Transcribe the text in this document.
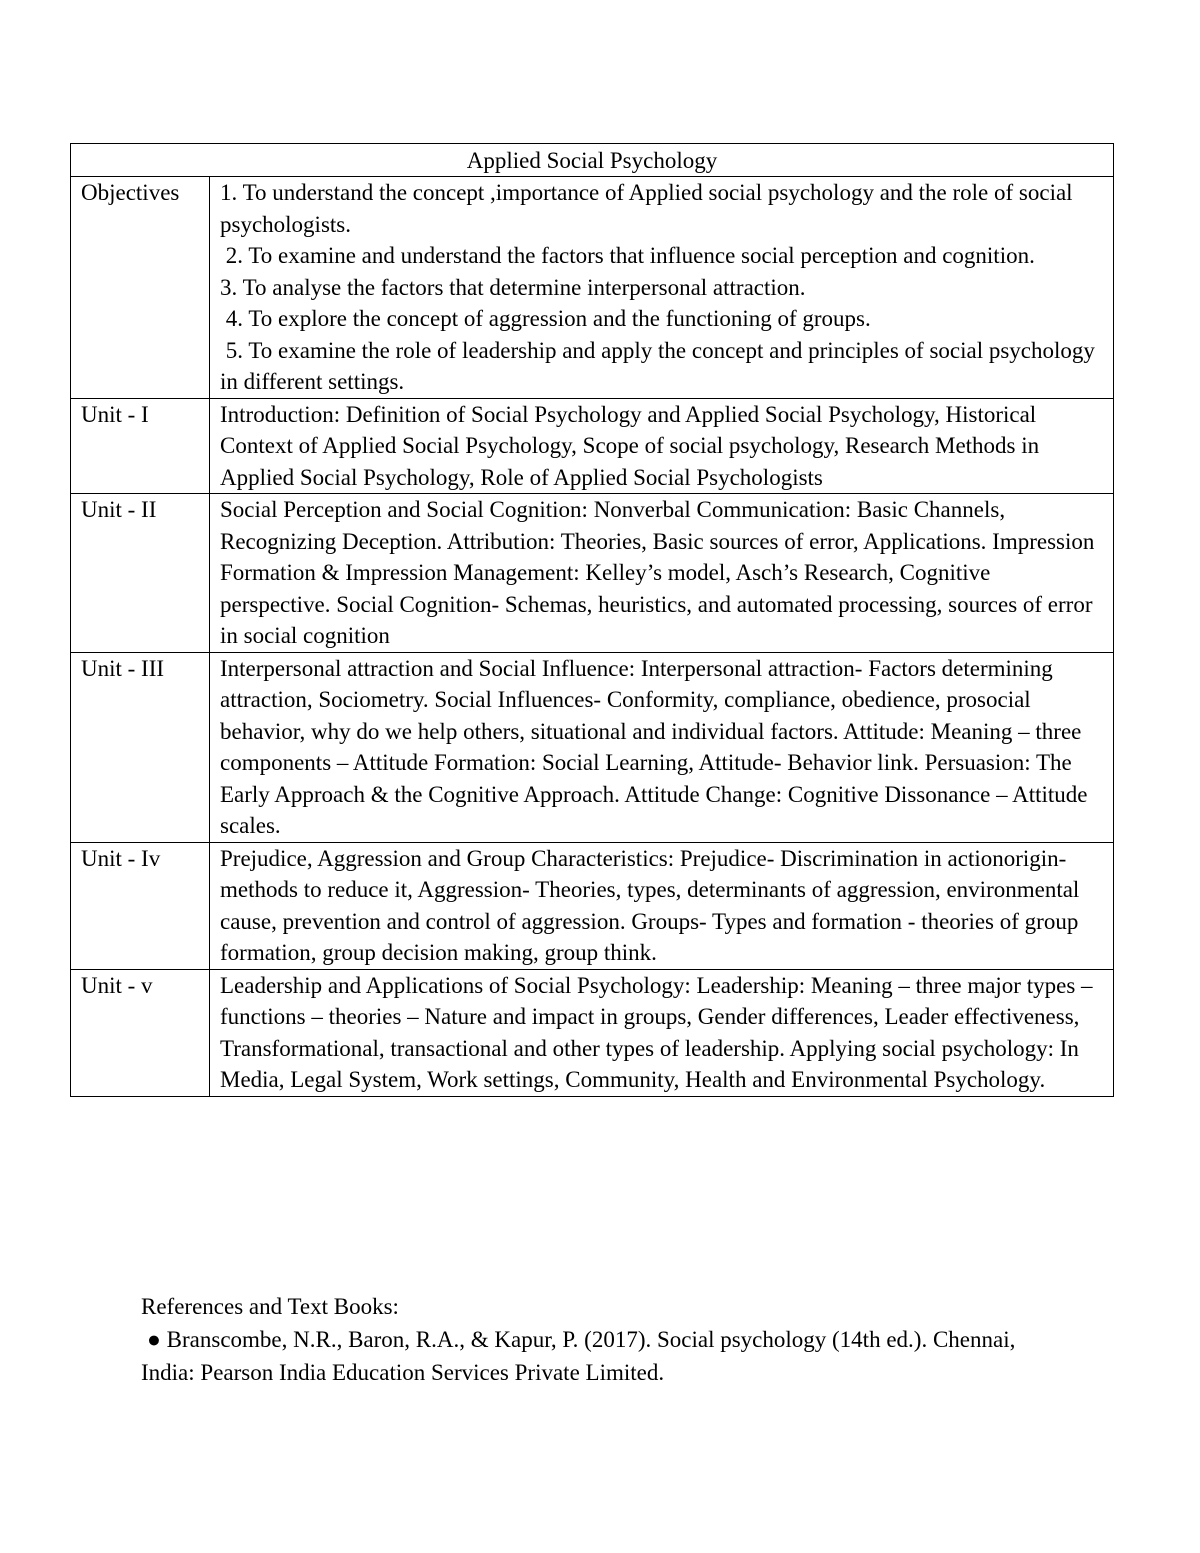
Applied Social Psychology	
Objectives	1. To understand the concept ,importance of Applied social psychology and the role of social psychologists.
2. To examine and understand the factors that influence social perception and cognition.
3. To analyse the factors that determine interpersonal attraction.
4. To explore the concept of aggression and the functioning of groups.
5. To examine the role of leadership and apply the concept and principles of social psychology in different settings.

Unit - I	Introduction: Definition of Social Psychology and Applied Social Psychology, Historical Context of Applied Social Psychology, Scope of social psychology, Research Methods in Applied Social Psychology, Role of Applied Social Psychologists
Unit - II	Social Perception and Social Cognition: Nonverbal Communication: Basic Channels, Recognizing Deception. Attribution: Theories, Basic sources of error, Applications. Impression Formation & Impression Management: Kelley’s model, Asch’s Research, Cognitive perspective. Social Cognition- Schemas, heuristics, and automated processing, sources of error in social cognition
Unit - III	Interpersonal attraction and Social Influence: Interpersonal attraction- Factors determining attraction, Sociometry. Social Influences- Conformity, compliance, obedience, prosocial behavior, why do we help others, situational and individual factors. Attitude: Meaning – three components – Attitude Formation: Social Learning, Attitude- Behavior link. Persuasion: The Early Approach & the Cognitive Approach. Attitude Change: Cognitive Dissonance – Attitude scales.
Unit - Iv	Prejudice, Aggression and Group Characteristics: Prejudice- Discrimination in actionorigin-methods to reduce it, Aggression- Theories, types, determinants of aggression, environmental cause, prevention and control of aggression. Groups- Types and formation - theories of group formation, group decision making, group think.
Unit - v	Leadership and Applications of Social Psychology: Leadership: Meaning – three major types – functions – theories – Nature and impact in groups, Gender differences, Leader effectiveness, Transformational, transactional and other types of leadership. Applying social psychology: In Media, Legal System, Work settings, Community, Health and Environmental Psychology.
References and Text Books:
● Branscombe, N.R., Baron, R.A., & Kapur, P. (2017). Social psychology (14th ed.). Chennai, India: Pearson India Education Services Private Limited.
